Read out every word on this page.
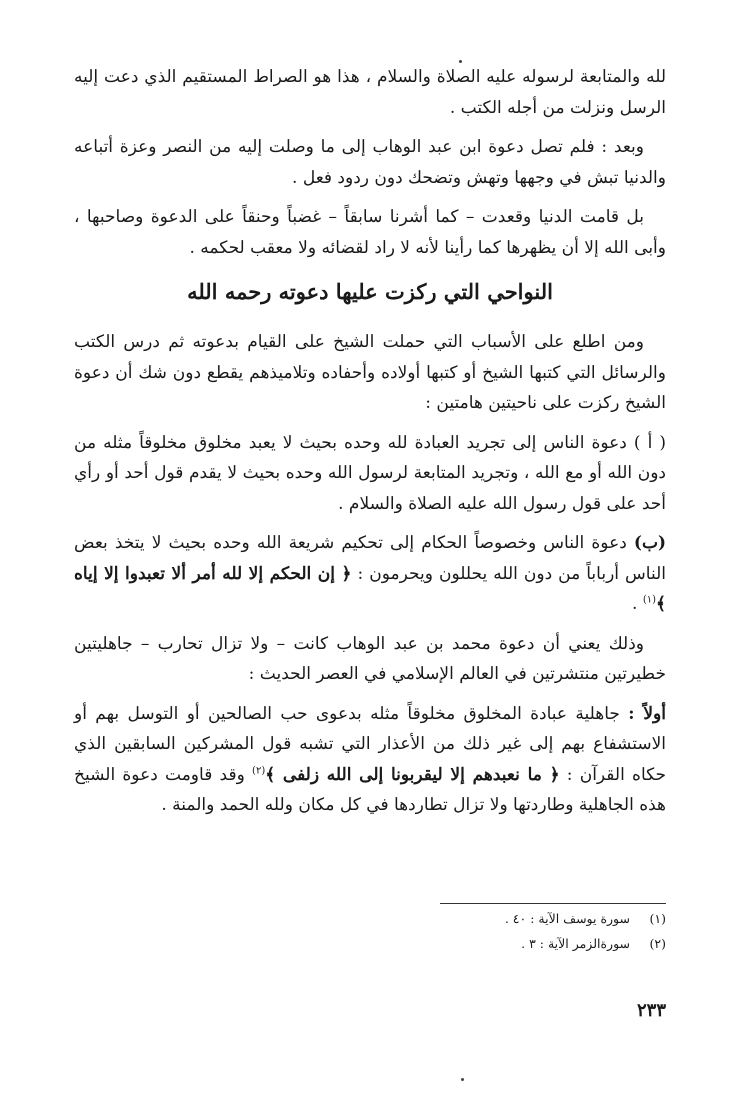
لله والمتابعة لرسوله عليه الصلاة والسلام ، هذا هو الصراط المستقيم الذي دعت إليه الرسل ونزلت من أجله الكتب .

وبعد : فلم تصل دعوة ابن عبد الوهاب إلى ما وصلت إليه من النصر وعزة أتباعه والدنيا تبش في وجهها وتهش وتضحك دون ردود فعل .

بل قامت الدنيا وقعدت – كما أشرنا سابقاً – غضباً وحنقاً على الدعوة وصاحبها ، وأبى الله إلا أن يظهرها كما رأينا لأنه لا راد لقضائه ولا معقب لحكمه .

النواحي التي ركزت عليها دعوته رحمه الله

ومن اطلع على الأسباب التي حملت الشيخ على القيام بدعوته ثم درس الكتب والرسائل التي كتبها الشيخ أو كتبها أولاده وأحفاده وتلاميذهم يقطع دون شك أن دعوة الشيخ ركزت على ناحيتين هامتين :

( أ ) دعوة الناس إلى تجريد العبادة لله وحده بحيث لا يعبد مخلوق مخلوقاً مثله من دون الله أو مع الله ، وتجريد المتابعة لرسول الله وحده بحيث لا يقدم قول أحد أو رأي أحد على قول رسول الله عليه الصلاة والسلام .

(ب) دعوة الناس وخصوصاً الحكام إلى تحكيم شريعة الله وحده بحيث لا يتخذ بعض الناس أرباباً من دون الله يحللون ويحرمون : ﴿ إن الحكم إلا لله أمر ألا تعبدوا إلا إياه ﴾$^{(١)}$ .

وذلك يعني أن دعوة محمد بن عبد الوهاب كانت – ولا تزال تحارب – جاهليتين خطيرتين منتشرتين في العالم الإسلامي في العصر الحديث :

أولاً : جاهلية عبادة المخلوق مخلوقاً مثله بدعوى حب الصالحين أو التوسل بهم أو الاستشفاع بهم إلى غير ذلك من الأعذار التي تشبه قول المشركين السابقين الذي حكاه القرآن : ﴿ ما نعبدهم إلا ليقربونا إلى الله زلفى ﴾$^{(٢)}$ وقد قاومت دعوة الشيخ هذه الجاهلية وطاردتها ولا تزال تطاردها في كل مكان ولله الحمد والمنة .

(١)سورة يوسف الآية : ٤٠ .
(٢)سورةالزمر الآية : ٣ .
٢٣٣
